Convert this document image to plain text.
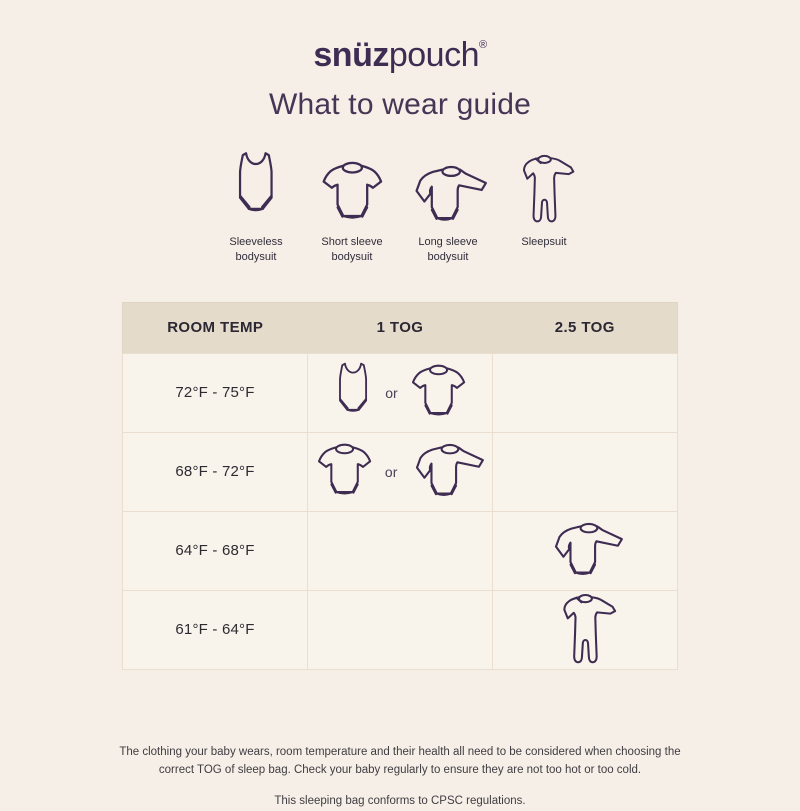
snüzpouch®
What to wear guide
Sleeveless bodysuit
Short sleeve bodysuit
Long sleeve bodysuit
Sleepsuit
ROOM TEMP	1 TOG	2.5 TOG
72°F - 75°F	or	

68°F - 72°F	or	

64°F - 68°F	

61°F - 64°F	

The clothing your baby wears, room temperature and their health all need to be considered when choosing the correct TOG of sleep bag. Check your baby regularly to ensure they are not too hot or too cold.

This sleeping bag conforms to CPSC regulations.
